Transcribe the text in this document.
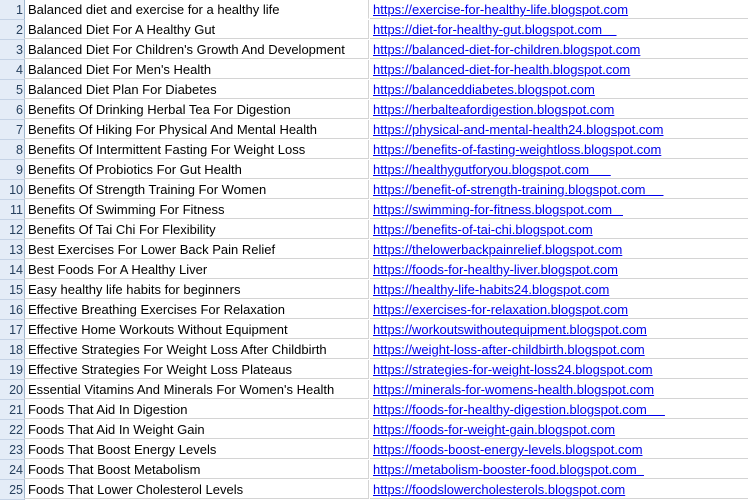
1 Balanced diet and exercise for a healthy life	https://exercise-for-healthy-life.blogspot.com
2 Balanced Diet For A Healthy Gut	https://diet-for-healthy-gut.blogspot.com
3 Balanced Diet For Children's Growth And Development	https://balanced-diet-for-children.blogspot.com
4 Balanced Diet For Men's Health	https://balanced-diet-for-health.blogspot.com
5 Balanced Diet Plan For Diabetes	https://balanceddiabetes.blogspot.com
6 Benefits Of Drinking Herbal Tea For Digestion	https://herbalteafordigestion.blogspot.com
7 Benefits Of Hiking For Physical And Mental Health	https://physical-and-mental-health24.blogspot.com
8 Benefits Of Intermittent Fasting For Weight Loss	https://benefits-of-fasting-weightloss.blogspot.com
9 Benefits Of Probiotics For Gut Health	https://healthygutforyou.blogspot.com
10 Benefits Of Strength Training For Women	https://benefit-of-strength-training.blogspot.com
11 Benefits Of Swimming For Fitness	https://swimming-for-fitness.blogspot.com
12 Benefits Of Tai Chi For Flexibility	https://benefits-of-tai-chi.blogspot.com
13 Best Exercises For Lower Back Pain Relief	https://thelowerbackpainrelief.blogspot.com
14 Best Foods For A Healthy Liver	https://foods-for-healthy-liver.blogspot.com
15 Easy healthy life habits for beginners	https://healthy-life-habits24.blogspot.com
16 Effective Breathing Exercises For Relaxation	https://exercises-for-relaxation.blogspot.com
17 Effective Home Workouts Without Equipment	https://workoutswithoutequipment.blogspot.com
18 Effective Strategies For Weight Loss After Childbirth	https://weight-loss-after-childbirth.blogspot.com
19 Effective Strategies For Weight Loss Plateaus	https://strategies-for-weight-loss24.blogspot.com
20 Essential Vitamins And Minerals For Women's Health	https://minerals-for-womens-health.blogspot.com
21 Foods That Aid In Digestion	https://foods-for-healthy-digestion.blogspot.com
22 Foods That Aid In Weight Gain	https://foods-for-weight-gain.blogspot.com
23 Foods That Boost Energy Levels	https://foods-boost-energy-levels.blogspot.com
24 Foods That Boost Metabolism	https://metabolism-booster-food.blogspot.com
25 Foods That Lower Cholesterol Levels	https://foodslowercholesterols.blogspot.com
